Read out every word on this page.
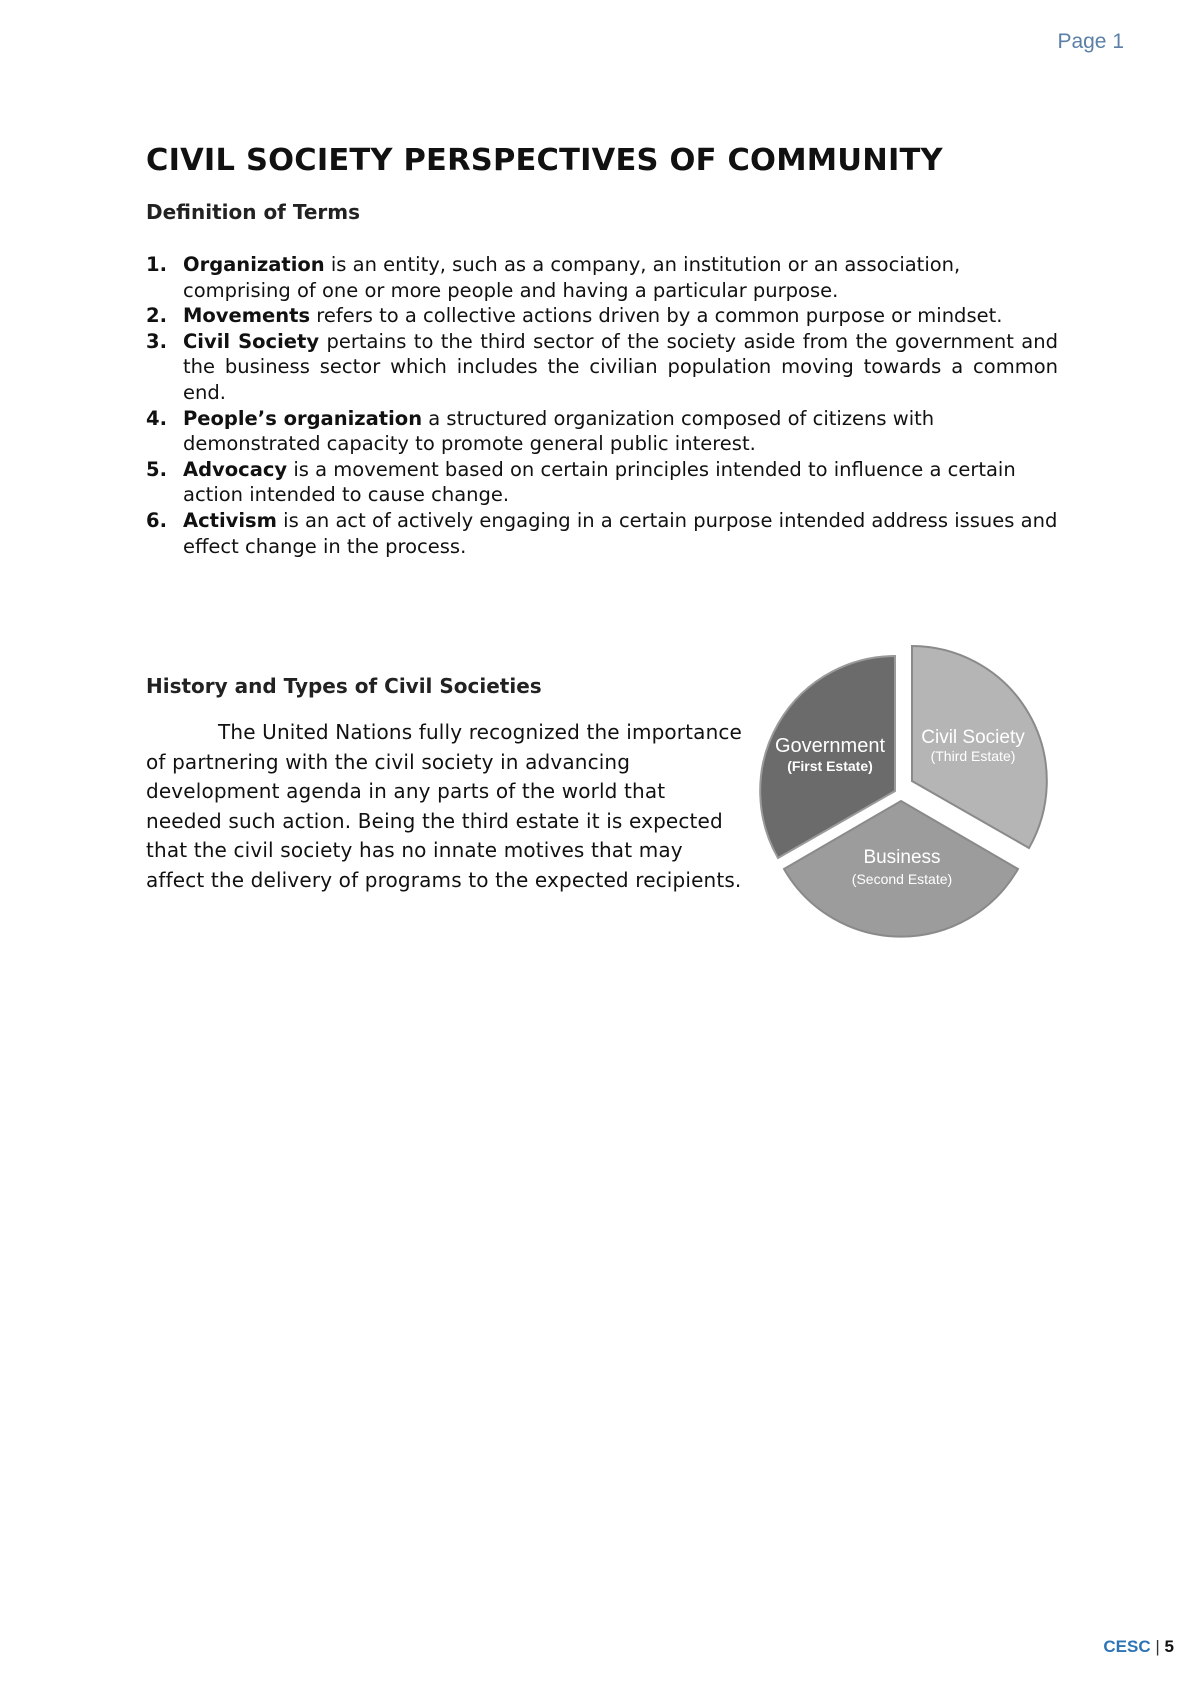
Page 1
CIVIL SOCIETY PERSPECTIVES OF COMMUNITY
Definition of Terms
1. Organization is an entity, such as a company, an institution or an association, comprising of one or more people and having a particular purpose.
2. Movements refers to a collective actions driven by a common purpose or mindset.
3. Civil Society pertains to the third sector of the society aside from the government and the business sector which includes the civilian population moving towards a common end.
4. People’s organization a structured organization composed of citizens with demonstrated capacity to promote general public interest.
5. Advocacy is a movement based on certain principles intended to influence a certain action intended to cause change.
6. Activism is an act of actively engaging in a certain purpose intended address issues and effect change in the process.
History and Types of Civil Societies

The United Nations fully recognized the importance of partnering with the civil society in advancing development agenda in any parts of the world that needed such action. Being the third estate it is expected that the civil society has no innate motives that may affect the delivery of programs to the expected recipients.

Government
(First Estate)
Civil Society
(Third Estate)
Business
(Second Estate)
CESC | 5
